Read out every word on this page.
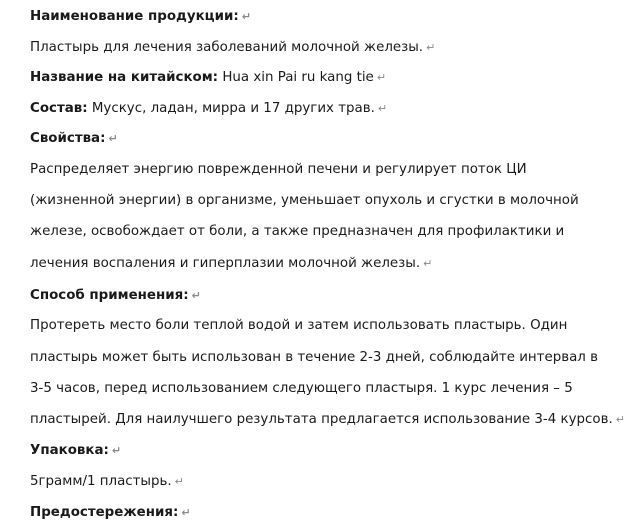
Наименование продукции: ↵
Пластырь для лечения заболеваний молочной железы. ↵
Название на китайском: Hua xin Pai ru kang tie ↵
Состав: Мускус, ладан, мирра и 17 других трав. ↵
Свойства: ↵
Распределяет энергию поврежденной печени и регулирует поток ЦИ
(жизненной энергии) в организме, уменьшает опухоль и сгустки в молочной
железе, освобождает от боли, а также предназначен для профилактики и
лечения воспаления и гиперплазии молочной железы. ↵
Способ применения: ↵
Протереть место боли теплой водой и затем использовать пластырь. Один
пластырь может быть использован в течение 2-3 дней, соблюдайте интервал в
3-5 часов, перед использованием следующего пластыря. 1 курс лечения – 5
пластырей. Для наилучшего результата предлагается использование 3-4 курсов. ↵
Упаковка: ↵
5грамм/1 пластырь. ↵
Предостережения: ↵
